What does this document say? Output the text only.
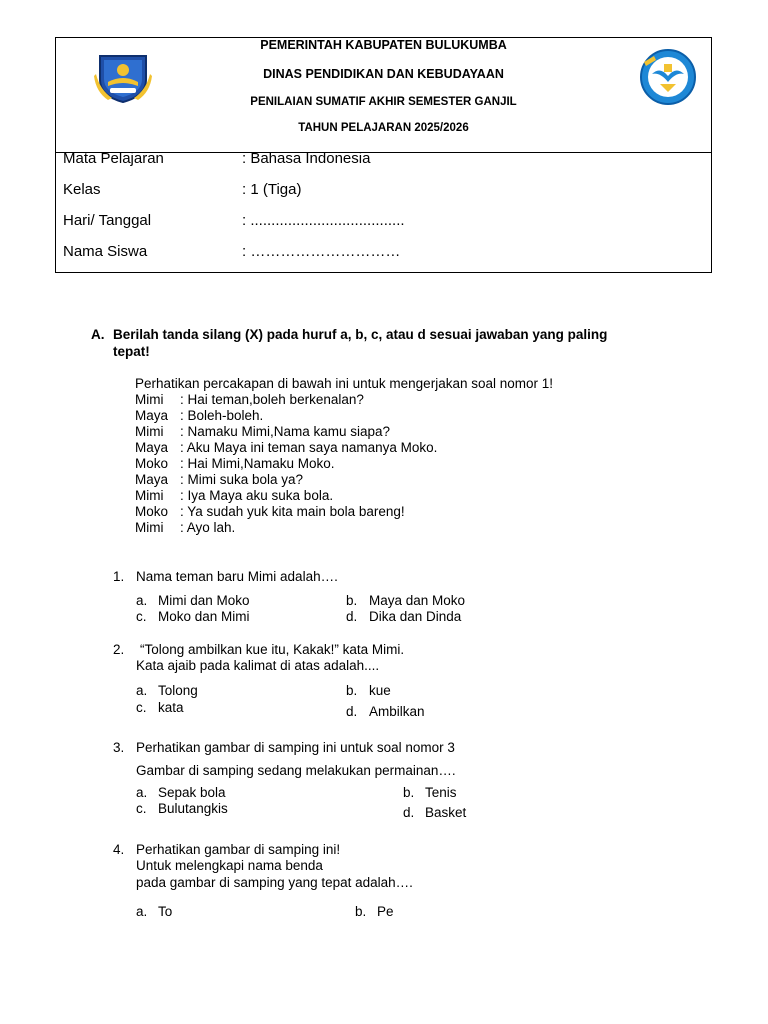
PEMERINTAH KABUPATEN BULUKUMBA
DINAS PENDIDIKAN DAN KEBUDAYAAN
PENILAIAN SUMATIF AKHIR SEMESTER GANJIL
TAHUN PELAJARAN 2025/2026
Mata Pelajaran	: Bahasa Indonesia
Kelas	: 1 (Tiga)
Hari/ Tanggal	: .....................................
Nama Siswa	: …………………………
A. Berilah tanda silang (X) pada huruf a, b, c, atau d sesuai jawaban yang paling
tepat!
Perhatikan percakapan di bawah ini untuk mengerjakan soal nomor 1!
Mimi : Hai teman,boleh berkenalan?
Maya : Boleh-boleh.
Mimi : Namaku Mimi,Nama kamu siapa?
Maya : Aku Maya ini teman saya namanya Moko.
Moko : Hai Mimi,Namaku Moko.
Maya : Mimi suka bola ya?
Mimi : Iya Maya aku suka bola.
Moko : Ya sudah yuk kita main bola bareng!
Mimi : Ayo lah.
1. Nama teman baru Mimi adalah….
a. Mimi dan Moko	b. Maya dan Moko
c. Moko dan Mimi	d. Dika dan Dinda
2. “Tolong ambilkan kue itu, Kakak!” kata Mimi.
Kata ajaib pada kalimat di atas adalah....
a. Tolong	b. kue
c. kata	d. Ambilkan
3. Perhatikan gambar di samping ini untuk soal nomor 3
Gambar di samping sedang melakukan permainan….
a. Sepak bola	b. Tenis
c. Bulutangkis	d. Basket
4. Perhatikan gambar di samping ini!
Untuk melengkapi nama benda
pada gambar di samping yang tepat adalah….
a. To	b. Pe
